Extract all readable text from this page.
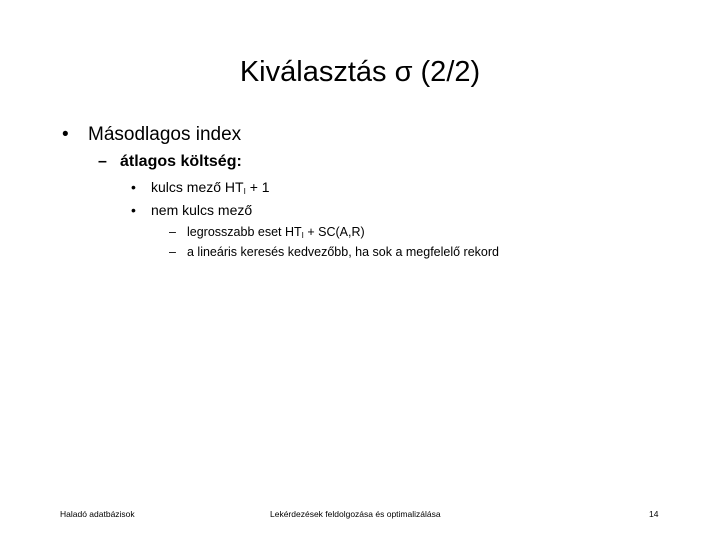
Kiválasztás σ (2/2)
• Másodlagos index
– átlagos költség:
• kulcs mező $HT_I + 1$
• nem kulcs mező
– legrosszabb eset $HT_I + SC(A,R)$
– a lineáris keresés kedvezőbb, ha sok a megfelelő rekord
Haladó adatbázisok	Lekérdezések feldolgozása és optimalizálása	14
